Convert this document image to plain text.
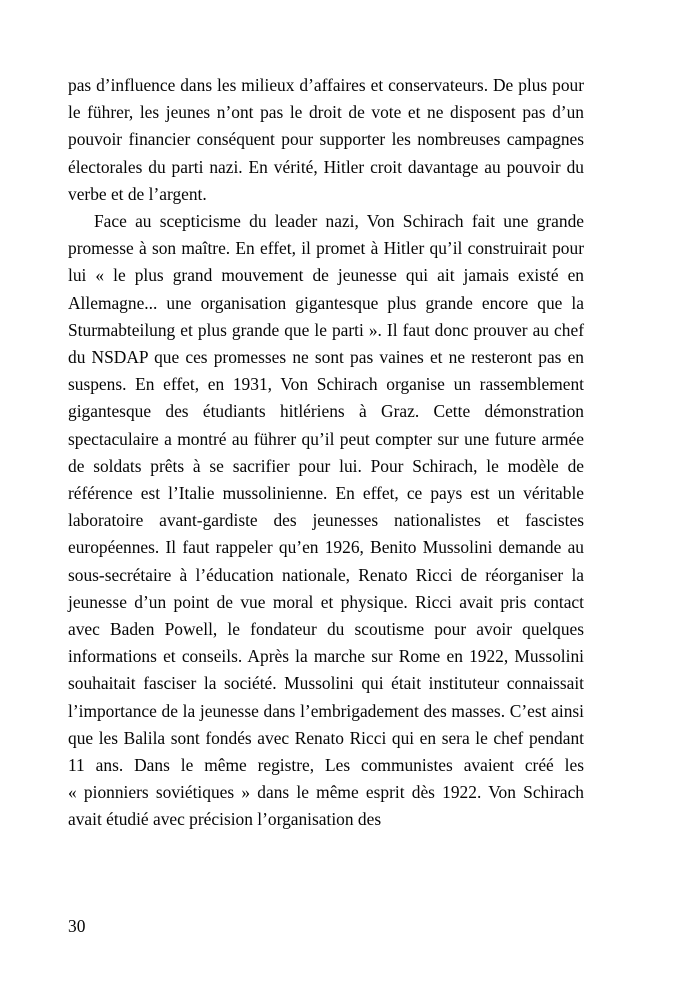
pas d’influence dans les milieux d’affaires et conservateurs. De plus pour le führer, les jeunes n’ont pas le droit de vote et ne disposent pas d’un pouvoir financier conséquent pour supporter les nombreuses campagnes électorales du parti nazi. En vérité, Hitler croit davantage au pouvoir du verbe et de l’argent.

Face au scepticisme du leader nazi, Von Schirach fait une grande promesse à son maître. En effet, il promet à Hitler qu’il construirait pour lui « le plus grand mouvement de jeunesse qui ait jamais existé en Allemagne... une organisation gigantesque plus grande encore que la Sturmabteilung et plus grande que le parti ». Il faut donc prouver au chef du NSDAP que ces promesses ne sont pas vaines et ne resteront pas en suspens. En effet, en 1931, Von Schirach organise un rassemblement gigantesque des étudiants hitlériens à Graz. Cette démonstration spectaculaire a montré au führer qu’il peut compter sur une future armée de soldats prêts à se sacrifier pour lui. Pour Schirach, le modèle de référence est l’Italie mussolinienne. En effet, ce pays est un véritable laboratoire avant-gardiste des jeunesses nationalistes et fascistes européennes. Il faut rappeler qu’en 1926, Benito Mussolini demande au sous-secrétaire à l’éducation nationale, Renato Ricci de réorganiser la jeunesse d’un point de vue moral et physique. Ricci avait pris contact avec Baden Powell, le fondateur du scoutisme pour avoir quelques informations et conseils. Après la marche sur Rome en 1922, Mussolini souhaitait fasciser la société. Mussolini qui était instituteur connaissait l’importance de la jeunesse dans l’embrigadement des masses. C’est ainsi que les Balila sont fondés avec Renato Ricci qui en sera le chef pendant 11 ans. Dans le même registre, Les communistes avaient créé les « pionniers soviétiques » dans le même esprit dès 1922. Von Schirach avait étudié avec précision l’organisation des

30
